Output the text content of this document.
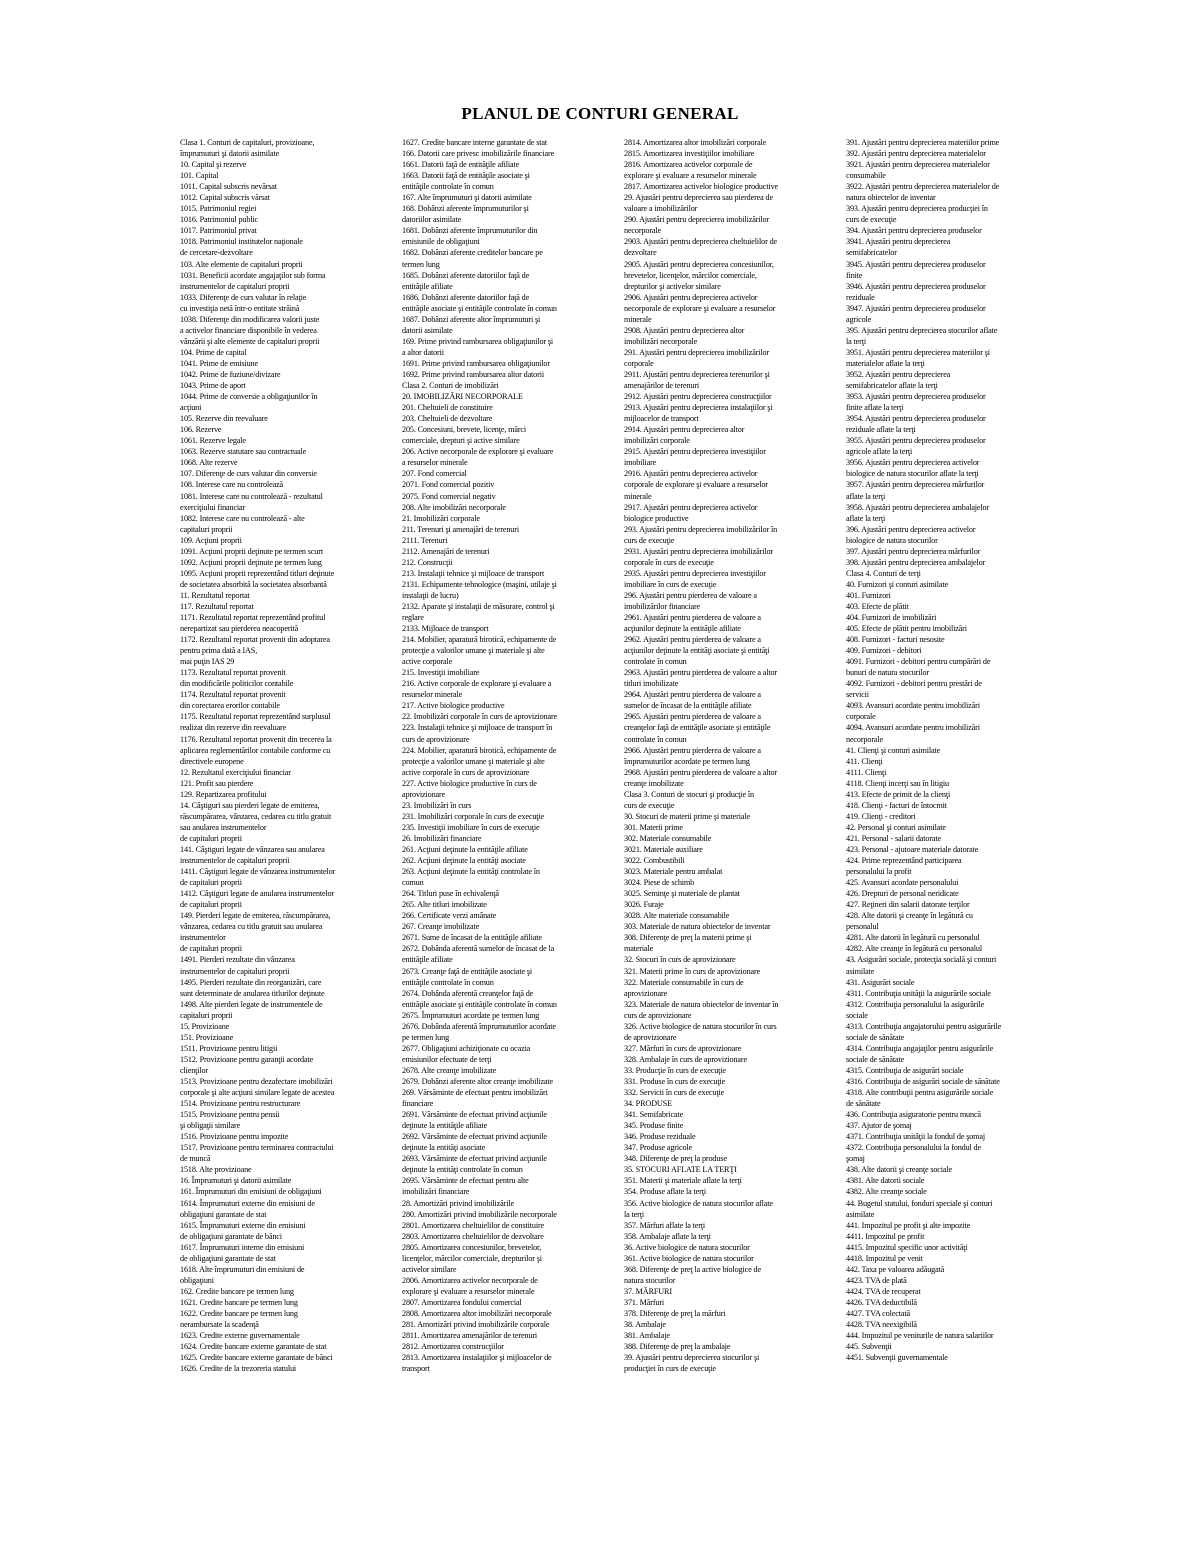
PLANUL DE CONTURI GENERAL
Clasa 1. Conturi de capitaluri, provizioane,
împrumuturi şi datorii asimilate
10. Capital şi rezerve
101. Capital
1011. Capital subscris nevărsat
1012. Capital subscris vărsat
1015. Patrimoniul regiei
1016. Patrimoniul public
1017. Patrimoniul privat
1018. Patrimoniul institutelor naţionale
de cercetare-dezvoltare
103. Alte elemente de capitaluri proprii
1031. Beneficii acordate angajaţilor sub forma
instrumentelor de capitaluri proprii
1033. Diferenţe de curs valutar în relaţie
cu investiţia netă într-o entitate străină
1038. Diferenţe din modificarea valorii juste
a activelor financiare disponibile în vederea
vânzării şi alte elemente de capitaluri proprii
104. Prime de capital
1041. Prime de emisiune
1042. Prime de fuziune/divizare
1043. Prime de aport
1044. Prime de conversie a obligaţiunilor în
acţiuni
105. Rezerve din reevaluare
106. Rezerve
1061. Rezerve legale
1063. Rezerve statutare sau contractuale
1068. Alte rezerve
107. Diferenţe de curs valutar din conversie
108. Interese care nu controlează
1081. Interese care nu controlează - rezultatul
exerciţiului financiar
1082. Interese care nu controlează - alte
capitaluri proprii
109. Acţiuni proprii
1091. Acţiuni proprii deţinute pe termen scurt
1092. Acţiuni proprii deţinute pe termen lung
1095. Acţiuni proprii reprezentând titluri deţinute
de societatea absorbită la societatea absorbantă
11. Rezultatul reportat
117. Rezultatul reportat
1171. Rezultatul reportat reprezentând profitul
nerepartizat sau pierderea neacoperită
1172. Rezultatul reportat provenit din adoptarea
pentru prima dată a IAS,
mai puţin IAS 29
1173. Rezultatul reportat provenit
din modificările politicilor contabile
1174. Rezultatul reportat provenit
din corectarea erorilor contabile
1175. Rezultatul reportat reprezentând surplusul
realizat din rezerve din reevaluare
1176. Rezultatul reportat provenit din trecerea la
aplicarea reglementărilor contabile conforme cu
directivele europene
12. Rezultatul exerciţiului financiar
121. Profit sau pierdere
129. Repartizarea profitului
14. Câştiguri sau pierderi legate de emiterea,
răscumpărarea, vânzarea, cedarea cu titlu gratuit
sau anularea instrumentelor
de capitaluri proprii
141. Câştiguri legate de vânzarea sau anularea
instrumentelor de capitaluri proprii
1411. Câştiguri legate de vânzarea instrumentelor
de capitaluri proprii
1412. Câştiguri legate de anularea instrumentelor
de capitaluri proprii
149. Pierderi legate de emiterea, răscumpărarea,
vânzarea, cedarea cu titlu gratuit sau anularea
instrumentelor
de capitaluri proprii
1491. Pierderi rezultate din vânzarea
instrumentelor de capitaluri proprii
1495. Pierderi rezultate din reorganizări, care
sunt determinate de anularea titlurilor deţinute
1498. Alte pierderi legate de instrumentele de
capitaluri proprii
15. Provizioane
151. Provizioane
1511. Provizioane pentru litigii
1512. Provizioane pentru garanţii acordate
clienţilor
1513. Provizioane pentru dezafectare imobilizări
corporale şi alte acţiuni similare legate de acestea
1514. Provizioane pentru restructurare
1515. Provizioane pentru pensii
şi obligaţii similare
1516. Provizioane pentru impozite
1517. Provizioane pentru terminarea contractului
de muncă
1518. Alte provizioane
16. Împrumuturi şi datorii asimilate
161. Împrumuturi din emisiuni de obligaţiuni
1614. Împrumuturi externe din emisiuni de
obligaţiuni garantate de stat
1615. Împrumuturi externe din emisiuni
de obligaţiuni garantate de bănci
1617. Împrumuturi interne din emisiuni
de obligaţiuni garantate de stat
1618. Alte împrumuturi din emisiuni de
obligaţiuni
162. Credite bancare pe termen lung
1621. Credite bancare pe termen lung
1622. Credite bancare pe termen lung
nerambursate la scadenţă
1623. Credite externe guvernamentale
1624. Credite bancare externe garantate de stat
1625. Credite bancare externe garantate de bănci
1626. Credite de la trezoreria statului
1627. Credite bancare interne garantate de stat
166. Datorii care privesc imobilizările financiare
1661. Datorii faţă de entităţile afiliate
1663. Datorii faţă de entităţile asociate şi
entităţile controlate în comun
167. Alte împrumuturi şi datorii asimilate
168. Dobânzi aferente împrumuturilor şi
datoriilor asimilate
1681. Dobânzi aferente împrumuturilor din
emisiunile de obligaţiuni
1682. Dobânzi aferente creditelor bancare pe
termen lung
1685. Dobânzi aferente datoriilor faţă de
entităţile afiliate
1686. Dobânzi aferente datoriilor faţă de
entităţile asociate şi entităţile controlate în comun
1687. Dobânzi aferente altor împrumuturi şi
datorii asimilate
169. Prime privind rambursarea obligaţiunilor şi
a altor datorii
1691. Prime privind rambursarea obligaţiunilor
1692. Prime privind rambursarea altor datorii
Clasa 2. Conturi de imobilizări
20. IMOBILIZĂRI NECORPORALE
201. Cheltuieli de constituire
203. Cheltuieli de dezvoltare
205. Concesiuni, brevete, licenţe, mărci
comerciale, drepturi şi active similare
206. Active necorporale de explorare şi evaluare
a resurselor minerale
207. Fond comercial
2071. Fond comercial pozitiv
2075. Fond comercial negativ
208. Alte imobilizări necorporale
21. Imobilizări corporale
211. Terenuri şi amenajări de terenuri
2111. Terenuri
2112. Amenajări de terenuri
212. Construcţii
213. Instalaţii tehnice şi mijloace de transport
2131. Echipamente tehnologice (maşini, utilaje şi
instalaţii de lucru)
2132. Aparate şi instalaţii de măsurare, control şi
reglare
2133. Mijloace de transport
214. Mobilier, aparatură birotică, echipamente de
protecţie a valorilor umane şi materiale şi alte
active corporale
215. Investiţii imobiliare
216. Active corporale de explorare şi evaluare a
resurselor minerale
217. Active biologice productive
22. Imobilizări corporale în curs de aprovizionare
223. Instalaţii tehnice şi mijloace de transport în
curs de aprovizionare
224. Mobilier, aparatură birotică, echipamente de
protecţie a valorilor umane şi materiale şi alte
active corporale în curs de aprovizionare
227. Active biologice productive în curs de
aprovizionare
23. Imobilizări în curs
231. Imobilizări corporale în curs de execuţie
235. Investiţii imobiliare în curs de execuţie
26. Imobilizări financiare
261. Acţiuni deţinute la entităţile afiliate
262. Acţiuni deţinute la entităţi asociate
263. Acţiuni deţinute la entităţi controlate în
comun
264. Titluri puse în echivalenţă
265. Alte titluri imobilizate
266. Certificate verzi amânate
267. Creanţe imobilizate
2671. Sume de încasat de la entităţile afiliate
2672. Dobânda aferentă sumelor de încasat de la
entităţile afiliate
2673. Creanţe faţă de entităţile asociate şi
entităţile controlate în comun
2674. Dobânda aferentă creanţelor faţă de
entităţile asociate şi entităţile controlate în comun
2675. Împrumuturi acordate pe termen lung
2676. Dobânda aferentă împrumuturilor acordate
pe termen lung
2677. Obligaţiuni achiziţionate cu ocazia
emisiunilor efectuate de terţi
2678. Alte creanţe imobilizate
2679. Dobânzi aferente altor creanţe imobilizate
269. Vărsăminte de efectuat pentru imobilizări
financiare
2691. Vărsăminte de efectuat privind acţiunile
deţinute la entităţile afiliate
2692. Vărsăminte de efectuat privind acţiunile
deţinute la entităţi asociate
2693. Vărsăminte de efectuat privind acţiunile
deţinute la entităţi controlate în comun
2695. Vărsăminte de efectuat pentru alte
imobilizări financiare
28. Amortizări privind imobilizările
280. Amortizări privind imobilizările necorporale
2801. Amortizarea cheltuielilor de constituire
2803. Amortizarea cheltuielilor de dezvoltare
2805. Amortizarea concesiunilor, brevetelor,
licenţelor, mărcilor comerciale, drepturilor şi
activelor similare
2806. Amortizarea activelor necorporale de
explorare şi evaluare a resurselor minerale
2807. Amortizarea fondului comercial
2808. Amortizarea altor imobilizări necorporale
281. Amortizări privind imobilizările corporale
2811. Amortizarea amenajărilor de terenuri
2812. Amortizarea construcţiilor
2813. Amortizarea instalaţiilor şi mijloacelor de
transport
2814. Amortizarea altor imobilizări corporale
2815. Amortizarea investiţiilor imobiliare
2816. Amortizarea activelor corporale de
explorare şi evaluare a resurselor minerale
2817. Amortizarea activelor biologice productive
29. Ajustări pentru deprecierea sau pierderea de
valoare a imobilizărilor
290. Ajustări pentru deprecierea imobilizărilor
necorporale
2903. Ajustări pentru deprecierea cheltuielilor de
dezvoltare
2905. Ajustări pentru deprecierea concesiunilor,
brevetelor, licenţelor, mărcilor comerciale,
drepturilor şi activelor similare
2906. Ajustări pentru deprecierea activelor
necorporale de explorare şi evaluare a resurselor
minerale
2908. Ajustări pentru deprecierea altor
imobilizări necorporale
291. Ajustări pentru deprecierea imobilizărilor
corporale
2911. Ajustări pentru deprecierea terenurilor şi
amenajărilor de terenuri
2912. Ajustări pentru deprecierea construcţiilor
2913. Ajustări pentru deprecierea instalaţiilor şi
mijloacelor de transport
2914. Ajustări pentru deprecierea altor
imobilizări corporale
2915. Ajustări pentru deprecierea investiţiilor
imobiliare
2916. Ajustări pentru deprecierea activelor
corporale de explorare şi evaluare a resurselor
minerale
2917. Ajustări pentru deprecierea activelor
biologice productive
293. Ajustări pentru deprecierea imobilizărilor în
curs de execuţie
2931. Ajustări pentru deprecierea imobilizărilor
corporale în curs de execuţie
2935. Ajustări pentru deprecierea investiţiilor
imobiliare în curs de execuţie
296. Ajustări pentru pierderea de valoare a
imobilizărilor financiare
2961. Ajustări pentru pierderea de valoare a
acţiunilor deţinute la entităţile afiliate
2962. Ajustări pentru pierderea de valoare a
acţiunilor deţinute la entităţi asociate şi entităţi
controlate în comun
2963. Ajustări pentru pierderea de valoare a altor
titluri imobilizate
2964. Ajustări pentru pierderea de valoare a
sumelor de încasat de la entităţile afiliate
2965. Ajustări pentru pierderea de valoare a
creanţelor faţă de entităţile asociate şi entităţile
controlate în comun
2966. Ajustări pentru pierderea de valoare a
împrumuturilor acordate pe termen lung
2968. Ajustări pentru pierderea de valoare a altor
creanţe imobilizate
Clasa 3. Conturi de stocuri şi producţie în
curs de execuţie
30. Stocuri de materii prime şi materiale
301. Materii prime
302. Materiale consumabile
3021. Materiale auxiliare
3022. Combustibili
3023. Materiale pentru ambalat
3024. Piese de schimb
3025. Seminţe şi materiale de plantat
3026. Furaje
3028. Alte materiale consumabile
303. Materiale de natura obiectelor de inventar
308. Diferenţe de preţ la materii prime şi
materiale
32. Stocuri în curs de aprovizionare
321. Materii prime în curs de aprovizionare
322. Materiale consumabile în curs de
aprovizionare
323. Materiale de natura obiectelor de inventar în
curs de aprovizionare
326. Active biologice de natura stocurilor în curs
de aprovizionare
327. Mărfuri în curs de aprovizionare
328. Ambalaje în curs de aprovizionare
33. Producţie în curs de execuţie
331. Produse în curs de execuţie
332. Servicii în curs de execuţie
34. PRODUSE
341. Semifabricate
345. Produse finite
346. Produse reziduale
347. Produse agricole
348. Diferenţe de preţ la produse
35. STOCURI AFLATE LA TERŢI
351. Materii şi materiale aflate la terţi
354. Produse aflate la terţi
356. Active biologice de natura stocurilor aflate
la terţi
357. Mărfuri aflate la terţi
358. Ambalaje aflate la terţi
36. Active biologice de natura stocurilor
361. Active biologice de natura stocurilor
368. Diferenţe de preţ la active biologice de
natura stocurilor
37. MĂRFURI
371. Mărfuri
378. Diferenţe de preţ la mărfuri
38. Ambalaje
381. Ambalaje
388. Diferenţe de preţ la ambalaje
39. Ajustări pentru deprecierea stocurilor şi
producţiei în curs de execuţie
391. Ajustări pentru deprecierea materiilor prime
392. Ajustări pentru deprecierea materialelor
3921. Ajustări pentru deprecierea materialelor
consumabile
3922. Ajustări pentru deprecierea materialelor de
natura obiectelor de inventar
393. Ajustări pentru deprecierea producţiei în
curs de execuţie
394. Ajustări pentru deprecierea produselor
3941. Ajustări pentru deprecierea
semifabricatelor
3945. Ajustări pentru deprecierea produselor
finite
3946. Ajustări pentru deprecierea produselor
reziduale
3947. Ajustări pentru deprecierea produselor
agricole
395. Ajustări pentru deprecierea stocurilor aflate
la terţi
3951. Ajustări pentru deprecierea materiilor şi
materialelor aflate la terţi
3952. Ajustări pentru deprecierea
semifabricatelor aflate la terţi
3953. Ajustări pentru deprecierea produselor
finite aflate la terţi
3954. Ajustări pentru deprecierea produselor
reziduale aflate la terţi
3955. Ajustări pentru deprecierea produselor
agricole aflate la terţi
3956. Ajustări pentru deprecierea activelor
biologice de natura stocurilor aflate la terţi
3957. Ajustări pentru deprecierea mărfurilor
aflate la terţi
3958. Ajustări pentru deprecierea ambalajelor
aflate la terţi
396. Ajustări pentru deprecierea activelor
biologice de natura stocurilor
397. Ajustări pentru deprecierea mărfurilor
398. Ajustări pentru deprecierea ambalajelor
Clasa 4. Conturi de terţi
40. Furnizori şi conturi asimilate
401. Furnizori
403. Efecte de plătit
404. Furnizori de imobilizări
405. Efecte de plătit pentru imobilizări
408. Furnizori - facturi nesosite
409. Furnizori - debitori
4091. Furnizori - debitori pentru cumpărări de
bunuri de natura stocurilor
4092. Furnizori - debitori pentru prestări de
servicii
4093. Avansuri acordate pentru imobilizări
corporale
4094. Avansuri acordate pentru imobilizări
necorporale
41. Clienţi şi conturi asimilate
411. Clienţi
4111. Clienţi
4118. Clienţi incerţi sau în litigiu
413. Efecte de primit de la clienţi
418. Clienţi - facturi de întocmit
419. Clienţi - creditori
42. Personal şi conturi asimilate
421. Personal - salarii datorate
423. Personal - ajutoare materiale datorate
424. Prime reprezentând participarea
personalului la profit
425. Avansuri acordate personalului
426. Drepturi de personal neridicate
427. Reţineri din salarii datorate terţilor
428. Alte datorii şi creanţe în legătură cu
personalul
4281. Alte datorii în legătură cu personalul
4282. Alte creanţe în legătură cu personalul
43. Asigurări sociale, protecţia socială şi conturi
asimilate
431. Asigurări sociale
4311. Contribuţia unităţii la asigurările sociale
4312. Contribuţia personalului la asigurările
sociale
4313. Contribuţia angajatorului pentru asigurările
sociale de sănătate
4314. Contribuţia angajaţilor pentru asigurările
sociale de sănătate
4315. Contribuţia de asigurări sociale
4316. Contribuţia de asigurări sociale de sănătate
4318. Alte contribuţii pentru asigurările sociale
de sănătate
436. Contribuţia asiguratorie pentru muncă
437. Ajutor de şomaj
4371. Contribuţia unităţii la fondul de şomaj
4372. Contribuţia personalului la fondul de
şomaj
438. Alte datorii şi creanţe sociale
4381. Alte datorii sociale
4382. Alte creanţe sociale
44. Bugetul statului, fonduri speciale şi conturi
asimilate
441. Impozitul pe profit şi alte impozite
4411. Impozitul pe profit
4415. Impozitul specific unor activităţi
4418. Impozitul pe venit
442. Taxa pe valoarea adăugată
4423. TVA de plată
4424. TVA de recuperat
4426. TVA deductibilă
4427. TVA colectată
4428. TVA neexigibilă
444. Impozitul pe veniturile de natura salariilor
445. Subvenţii
4451. Subvenţii guvernamentale
